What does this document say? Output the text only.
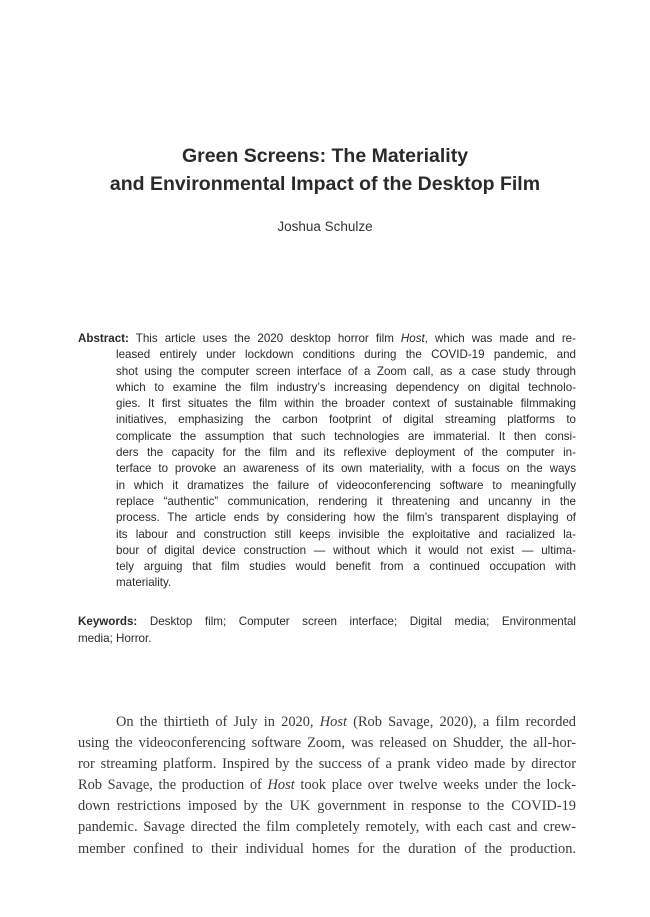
Green Screens: The Materiality
and Environmental Impact of the Desktop Film
Joshua Schulze
Abstract: This article uses the 2020 desktop horror film Host, which was made and re-
leased entirely under lockdown conditions during the COVID-19 pandemic, and
shot using the computer screen interface of a Zoom call, as a case study through
which to examine the film industry’s increasing dependency on digital technolo-
gies. It first situates the film within the broader context of sustainable filmmaking
initiatives, emphasizing the carbon footprint of digital streaming platforms to
complicate the assumption that such technologies are immaterial. It then consi-
ders the capacity for the film and its reflexive deployment of the computer in-
terface to provoke an awareness of its own materiality, with a focus on the ways
in which it dramatizes the failure of videoconferencing software to meaningfully
replace “authentic” communication, rendering it threatening and uncanny in the
process. The article ends by considering how the film’s transparent displaying of
its labour and construction still keeps invisible the exploitative and racialized la-
bour of digital device construction — without which it would not exist — ultima-
tely arguing that film studies would benefit from a continued occupation with
materiality.
Keywords: Desktop film; Computer screen interface; Digital media; Environmental
media; Horror.
On the thirtieth of July in 2020, Host (Rob Savage, 2020), a film recorded
using the videoconferencing software Zoom, was released on Shudder, the all-hor-
ror streaming platform. Inspired by the success of a prank video made by director
Rob Savage, the production of Host took place over twelve weeks under the lock-
down restrictions imposed by the UK government in response to the COVID-19
pandemic. Savage directed the film completely remotely, with each cast and crew-
member confined to their individual homes for the duration of the production.
